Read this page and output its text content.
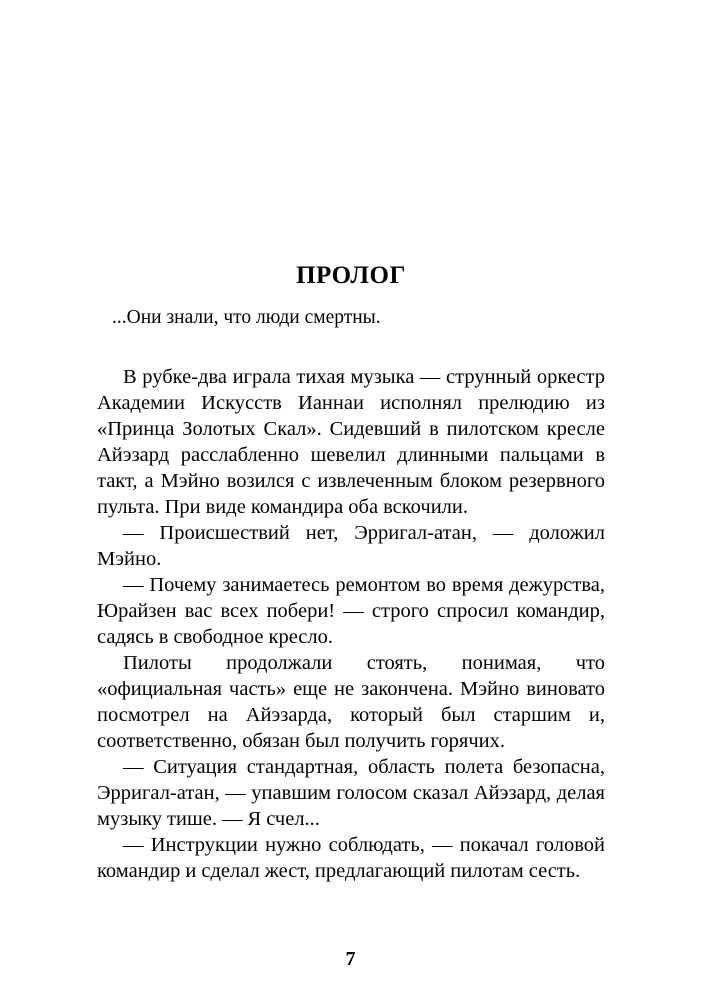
ПРОЛОГ

...Они знали, что люди смертны.

В рубке-два играла тихая музыка — струнный оркестр Академии Искусств Ианнаи исполнял прелюдию из «Принца Золотых Скал». Сидевший в пилотском кресле Айэзард расслабленно шевелил длинными пальцами в такт, а Мэйно возился с извлеченным блоком резервного пульта. При виде командира оба вскочили.

— Происшествий нет, Эрригал-атан, — доложил Мэйно.

— Почему занимаетесь ремонтом во время дежурства, Юрайзен вас всех побери! — строго спросил командир, садясь в свободное кресло.

Пилоты продолжали стоять, понимая, что «официальная часть» еще не закончена. Мэйно виновато посмотрел на Айэзарда, который был старшим и, соответственно, обязан был получить горячих.

— Ситуация стандартная, область полета безопасна, Эрригал-атан, — упавшим голосом сказал Айэзард, делая музыку тише. — Я счел...

— Инструкции нужно соблюдать, — покачал головой командир и сделал жест, предлагающий пилотам сесть.

7
